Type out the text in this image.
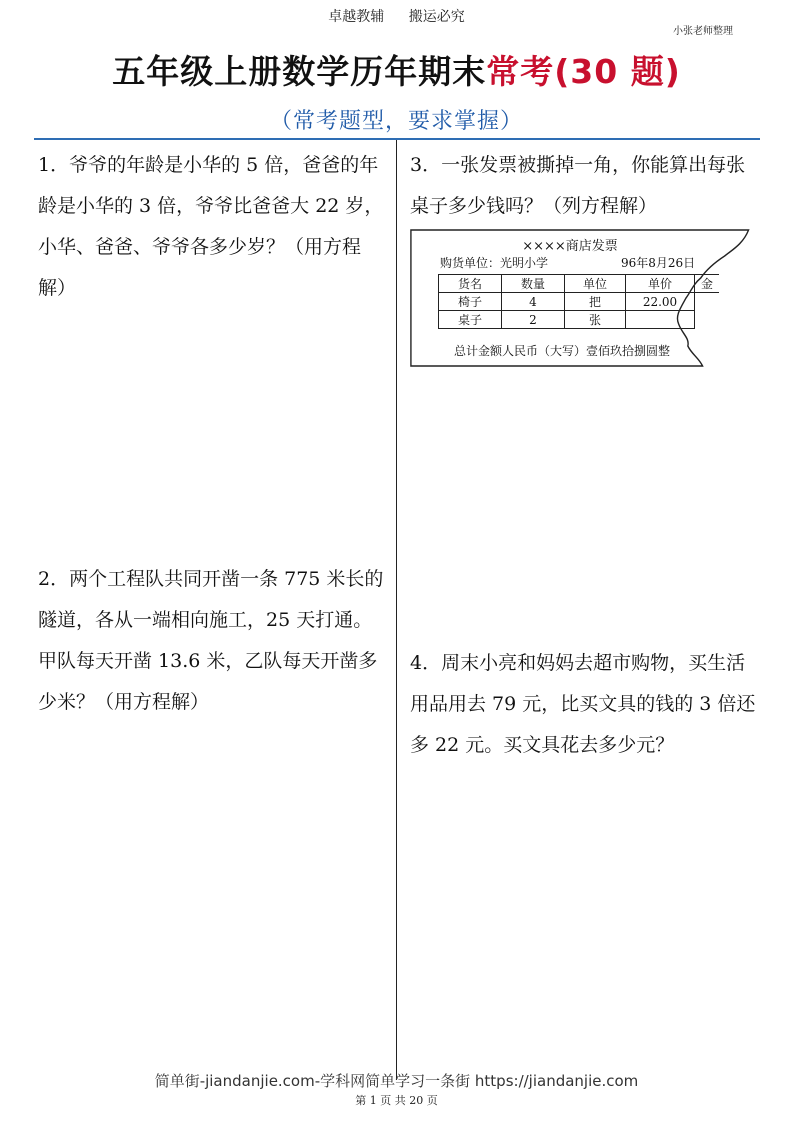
卓越教辅 搬运必究
小张老师整理
五年级上册数学历年期末常考(30 题)
（常考题型，要求掌握）
1．爷爷的年龄是小华的 5 倍，爸爸的年龄是小华的 3 倍，爷爷比爸爸大 22 岁，小华、爸爸、爷爷各多少岁？（用方程解）
2．两个工程队共同开凿一条 775 米长的隧道，各从一端相向施工，25 天打通。甲队每天开凿 13.6 米，乙队每天开凿多少米？（用方程解）
3．一张发票被撕掉一角，你能算出每张桌子多少钱吗？（列方程解）
4．周末小亮和妈妈去超市购物，买生活用品用去 79 元，比买文具的钱的 3 倍还多 22 元。买文具花去多少元？
××××商店发票
购货单位：光明小学	96年8月26日
货名	数量	单位	单价	金
椅子	4	把	22.00	
桌子	2	张		
总计金额人民币（大写）壹佰玖拾捌圆整
简单街-jiandanjie.com-学科网简单学习一条街 https://jiandanjie.com
第 1 页 共 20 页
